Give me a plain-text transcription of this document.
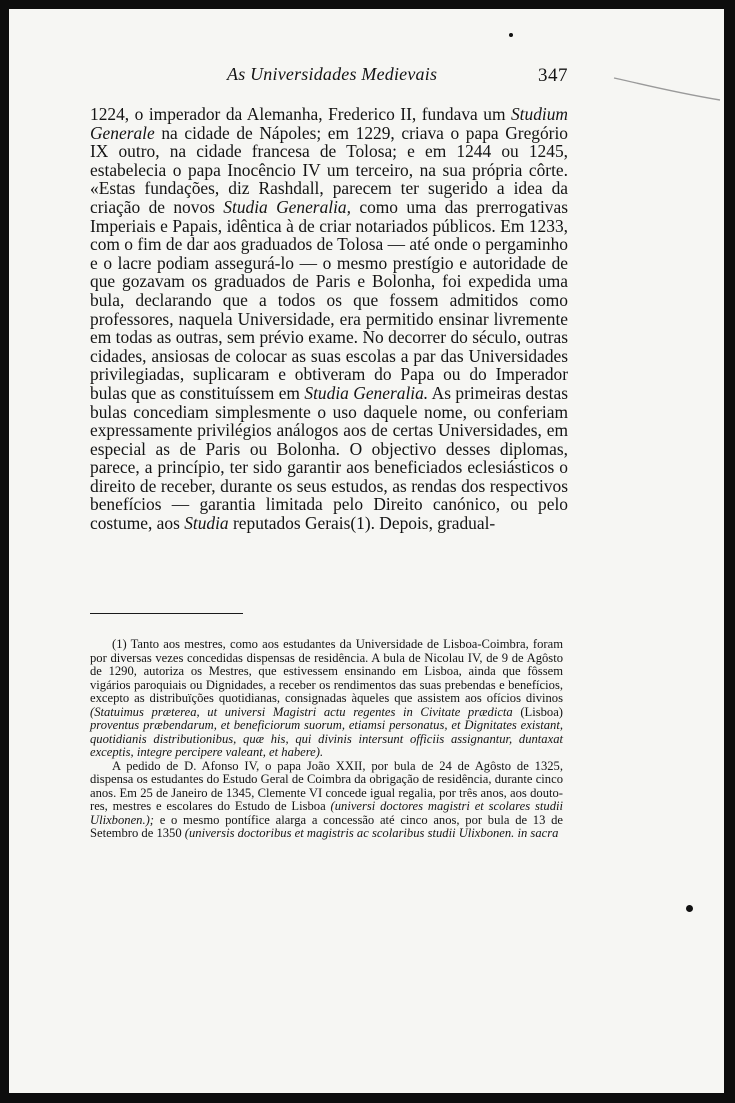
As Universidades Medievais	347

1224, o imperador da Alemanha, Frederico II, fundava um Studium Generale na cidade de Nápoles; em 1229, criava o papa Gregório IX outro, na cidade francesa de Tolosa; e em 1244 ou 1245, estabelecia o papa Inocêncio IV um terceiro, na sua própria côrte. «Estas fundações, diz Rashdall, parecem ter sugerido a idea da criação de novos Studia Generalia, como uma das prerrogativas Imperiais e Papais, idêntica à de criar notariados públicos. Em 1233, com o fim de dar aos graduados de Tolosa — até onde o pergaminho e o lacre podiam assegurá-lo — o mesmo prestígio e autoridade de que gozavam os graduados de Paris e Bolonha, foi expedida uma bula, declarando que a todos os que fossem admitidos como professores, naquela Universidade, era permitido ensinar livremente em todas as outras, sem prévio exame. No decorrer do século, outras cidades, ansiosas de colocar as suas escolas a par das Universidades privilegiadas, suplicaram e obtiveram do Papa ou do Imperador bulas que as constituíssem em Studia Generalia. As primeiras destas bulas concediam simplesmente o uso daquele nome, ou conferiam expressamente privilégios análogos aos de certas Universidades, em especial as de Paris ou Bolonha. O objectivo desses diplomas, parece, a princípio, ter sido garantir aos beneficiados eclesiásticos o direito de receber, durante os seus estudos, as rendas dos respectivos benefícios — garantia limitada pelo Direito canónico, ou pelo costume, aos Studia reputados Gerais(1). Depois, gradual-

(1) Tanto aos mestres, como aos estudantes da Universidade de Lisboa-Coimbra, foram por diversas vezes concedidas dispensas de residência. A bula de Nicolau IV, de 9 de Agôsto de 1290, autoriza os Mestres, que estivessem ensinando em Lisboa, ainda que fôssem vigários paroquiais ou Dignidades, a receber os rendimentos das suas prebendas e benefícios, excepto as distribuïções quotidianas, consignadas àqueles que assistem aos ofícios divinos (Statuimus præterea, ut universi Magistri actu regentes in Civitate prædicta (Lisboa) proventus præbendarum, et beneficiorum suorum, etiamsi personatus, et Dignitates existant, quotidianis distributionibus, quæ his, qui divinis intersunt officiis assignantur, duntaxat exceptis, integre percipere valeant, et habere).

A pedido de D. Afonso IV, o papa João XXII, por bula de 24 de Agôsto de 1325, dispensa os estudantes do Estudo Geral de Coimbra da obrigação de residência, durante cinco anos. Em 25 de Janeiro de 1345, Clemente VI concede igual regalia, por três anos, aos doutores, mestres e escolares do Estudo de Lisboa (universi doctores magistri et scolares studii Ulixbonen.); e o mesmo pontífice alarga a concessão até cinco anos, por bula de 13 de Setembro de 1350 (universis doctoribus et magistris ac scolaribus studii Ulixbonen. in sacra
